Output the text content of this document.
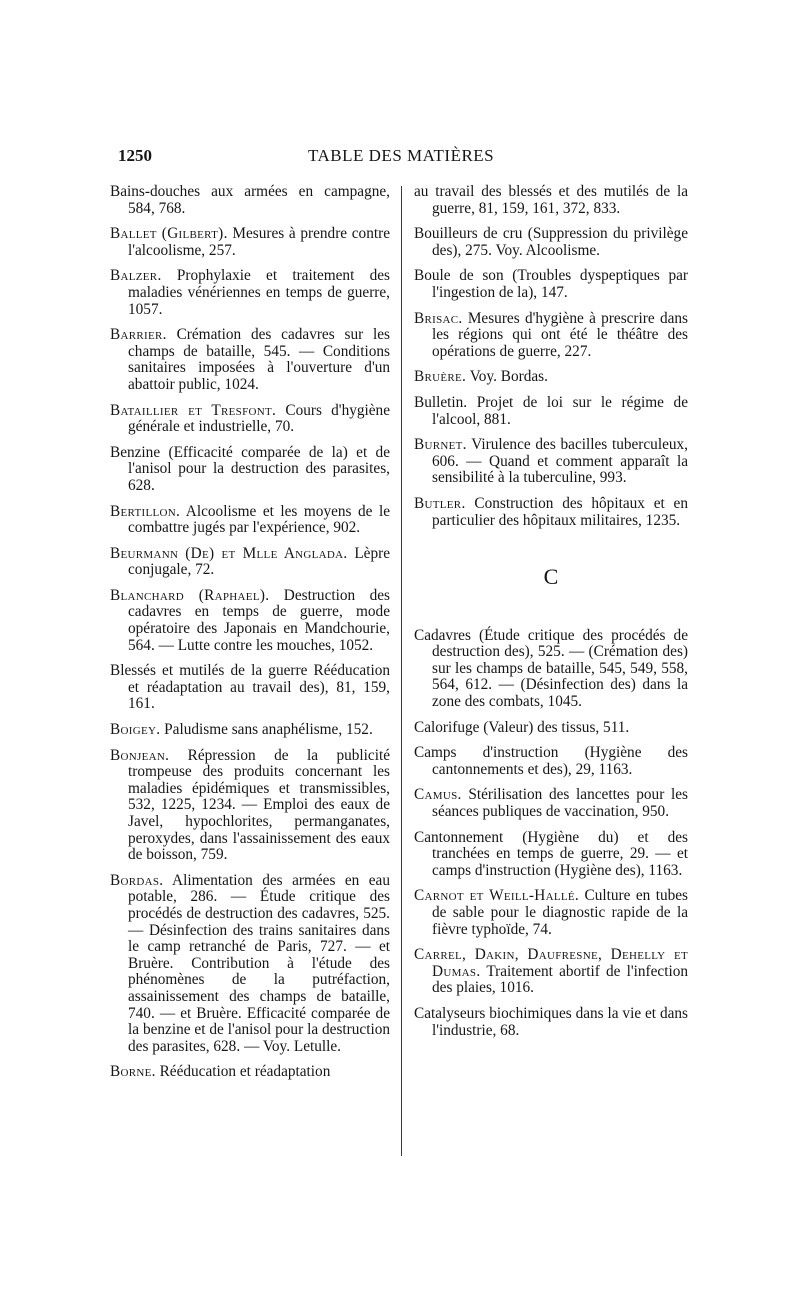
1250	TABLE DES MATIÈRES
Bains-douches aux armées en campagne, 584, 768.
Ballet (Gilbert). Mesures à prendre contre l'alcoolisme, 257.
Balzer. Prophylaxie et traitement des maladies vénériennes en temps de guerre, 1057.
Barrier. Crémation des cadavres sur les champs de bataille, 545. — Conditions sanitaires imposées à l'ouverture d'un abattoir public, 1024.
Bataillier et Tresfont. Cours d'hygiène générale et industrielle, 70.
Benzine (Efficacité comparée de la) et de l'anisol pour la destruction des parasites, 628.
Bertillon. Alcoolisme et les moyens de le combattre jugés par l'expérience, 902.
Beurmann (De) et Mlle Anglada. Lèpre conjugale, 72.
Blanchard (Raphael). Destruction des cadavres en temps de guerre, mode opératoire des Japonais en Mandchourie, 564. — Lutte contre les mouches, 1052.
Blessés et mutilés de la guerre Rééducation et réadaptation au travail des), 81, 159, 161.
Boigey. Paludisme sans anaphélisme, 152.
Bonjean. Répression de la publicité trompeuse des produits concernant les maladies épidémiques et transmissibles, 532, 1225, 1234. — Emploi des eaux de Javel, hypochlorites, permanganates, peroxydes, dans l'assainissement des eaux de boisson, 759.
Bordas. Alimentation des armées en eau potable, 286. — Étude critique des procédés de destruction des cadavres, 525. — Désinfection des trains sanitaires dans le camp retranché de Paris, 727. — et Bruère. Contribution à l'étude des phénomènes de la putréfaction, assainissement des champs de bataille, 740. — et Bruère. Efficacité comparée de la benzine et de l'anisol pour la destruction des parasites, 628. — Voy. Letulle.
Borne. Rééducation et réadaptation
au travail des blessés et des mutilés de la guerre, 81, 159, 161, 372, 833.
Bouilleurs de cru (Suppression du privilège des), 275. Voy. Alcoolisme.
Boule de son (Troubles dyspeptiques par l'ingestion de la), 147.
Brisac. Mesures d'hygiène à prescrire dans les régions qui ont été le théâtre des opérations de guerre, 227.
Bruère. Voy. Bordas.
Bulletin. Projet de loi sur le régime de l'alcool, 881.
Burnet. Virulence des bacilles tuberculeux, 606. — Quand et comment apparaît la sensibilité à la tuberculine, 993.
Butler. Construction des hôpitaux et en particulier des hôpitaux militaires, 1235.
C
Cadavres (Étude critique des procédés de destruction des), 525. — (Crémation des) sur les champs de bataille, 545, 549, 558, 564, 612. — (Désinfection des) dans la zone des combats, 1045.
Calorifuge (Valeur) des tissus, 511.
Camps d'instruction (Hygiène des cantonnements et des), 29, 1163.
Camus. Stérilisation des lancettes pour les séances publiques de vaccination, 950.
Cantonnement (Hygiène du) et des tranchées en temps de guerre, 29. — et camps d'instruction (Hygiène des), 1163.
Carnot et Weill-Hallé. Culture en tubes de sable pour le diagnostic rapide de la fièvre typhoïde, 74.
Carrel, Dakin, Daufresne, Dehelly et Dumas. Traitement abortif de l'infection des plaies, 1016.
Catalyseurs biochimiques dans la vie et dans l'industrie, 68.
